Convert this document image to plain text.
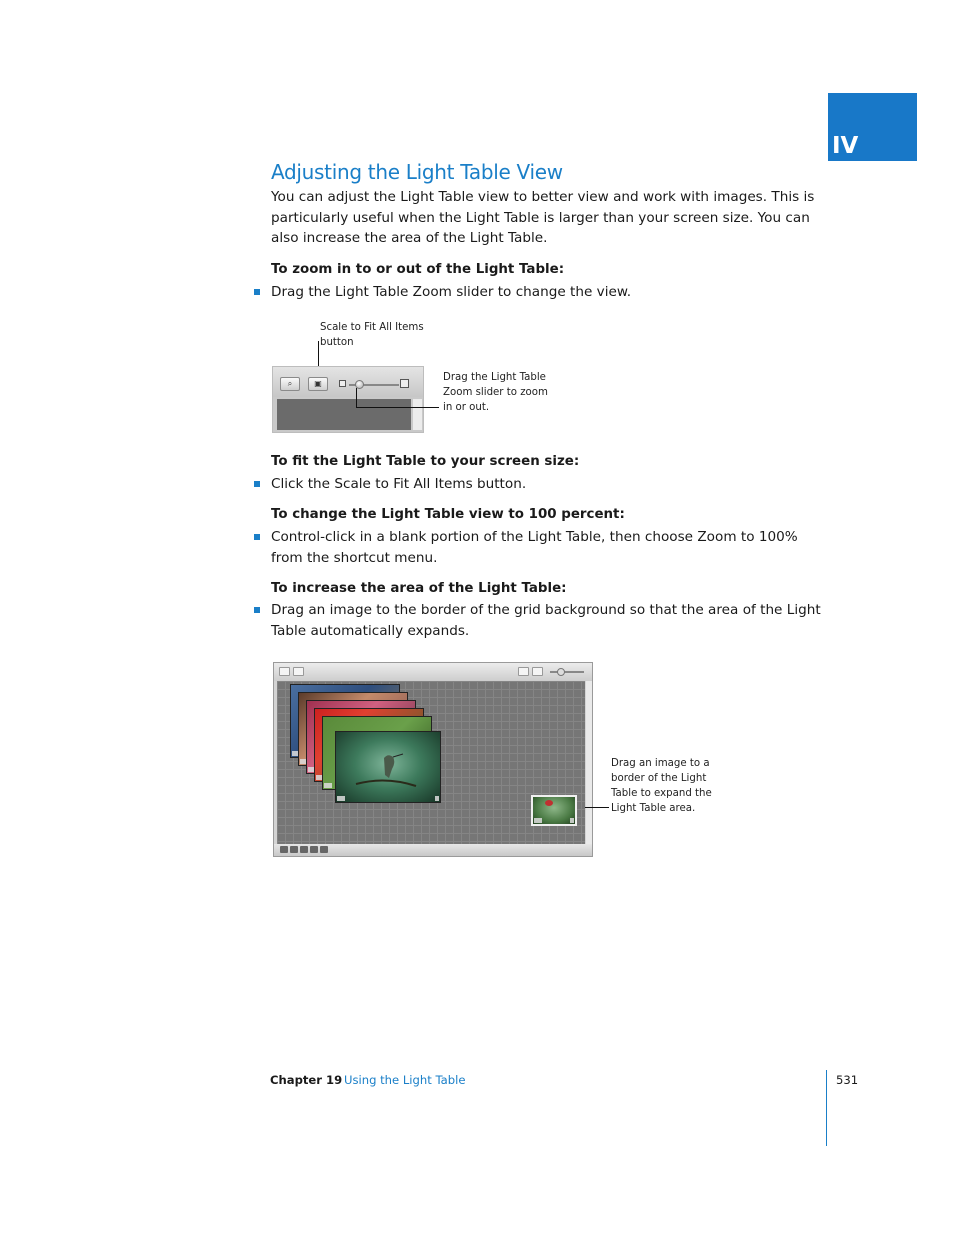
IV
Adjusting the Light Table View
You can adjust the Light Table view to better view and work with images. This is particularly useful when the Light Table is larger than your screen size. You can also increase the area of the Light Table.
To zoom in to or out of the Light Table:
Drag the Light Table Zoom slider to change the view.
Scale to Fit All Items
button
⌕	▣
Drag the Light Table
Zoom slider to zoom
in or out.
To fit the Light Table to your screen size:
Click the Scale to Fit All Items button.
To change the Light Table view to 100 percent:
Control-click in a blank portion of the Light Table, then choose Zoom to 100% from the shortcut menu.
To increase the area of the Light Table:
Drag an image to the border of the grid background so that the area of the Light Table automatically expands.
Drag an image to a
border of the Light
Table to expand the
Light Table area.
Chapter 19 Using the Light Table	531
